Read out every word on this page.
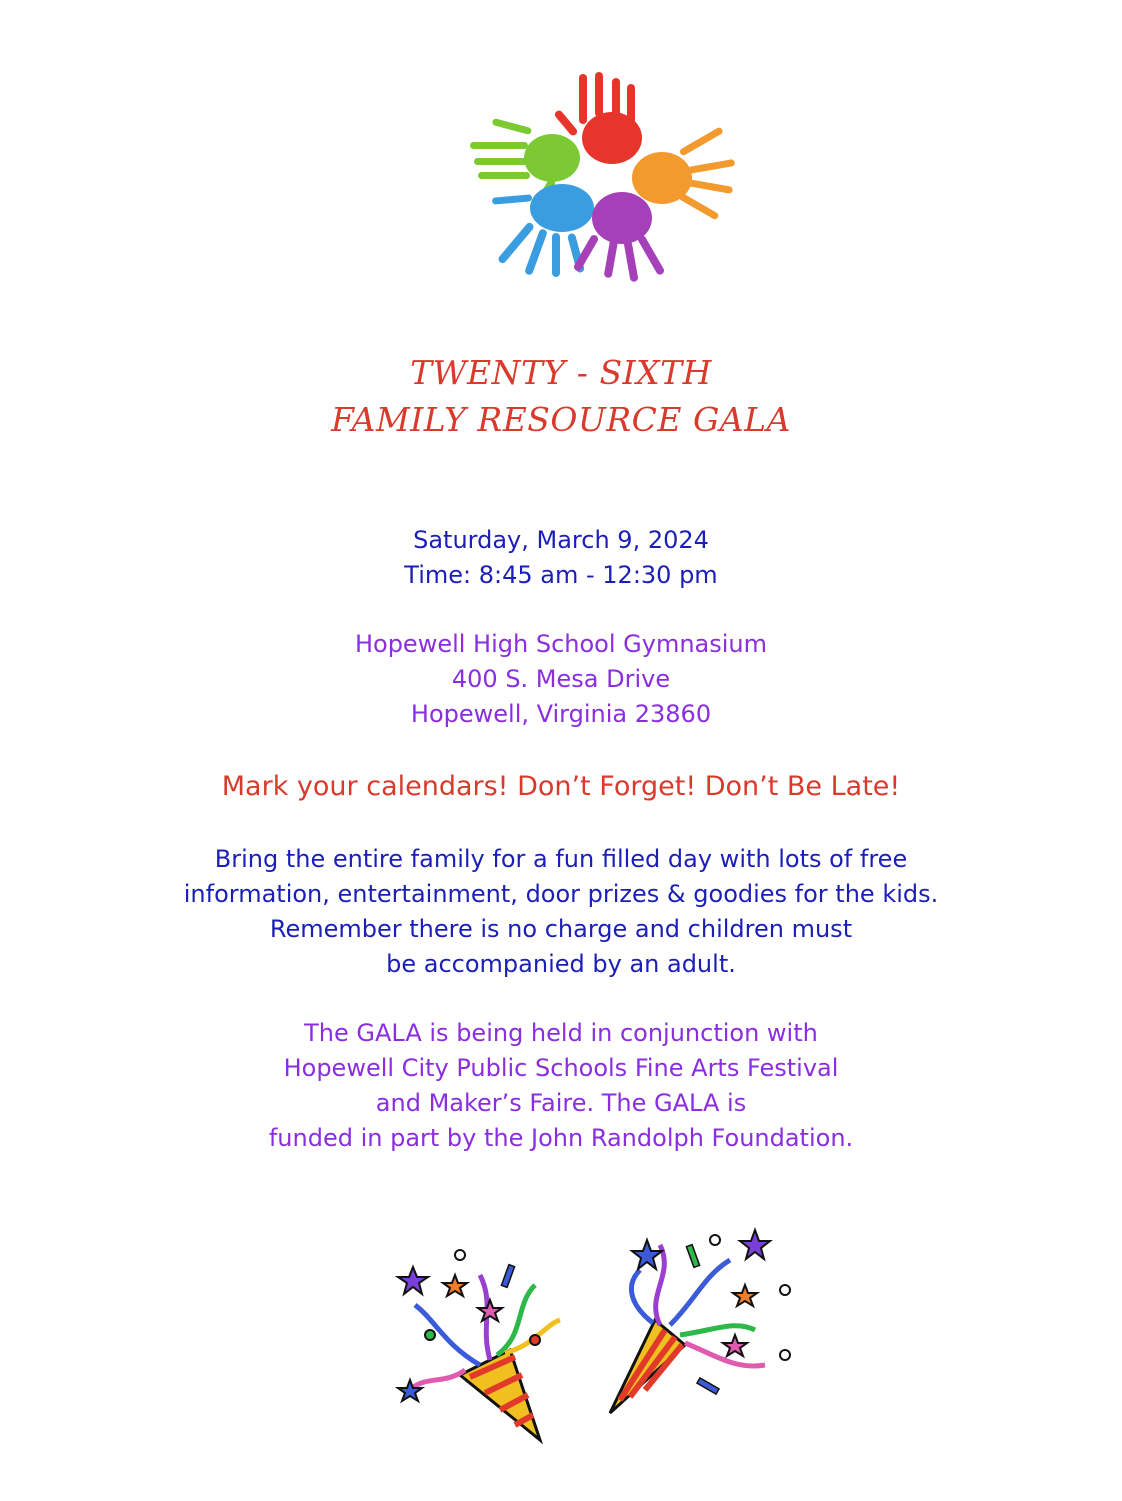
TWENTY - SIXTH
FAMILY RESOURCE GALA
Saturday, March 9, 2024
Time: 8:45 am - 12:30 pm
Hopewell High School Gymnasium
400 S. Mesa Drive
Hopewell, Virginia 23860
Mark your calendars! Don’t Forget! Don’t Be Late!
Bring the entire family for a fun filled day with lots of free
information, entertainment, door prizes & goodies for the kids.
Remember there is no charge and children must
be accompanied by an adult.
The GALA is being held in conjunction with
Hopewell City Public Schools Fine Arts Festival
and Maker’s Faire. The GALA is
funded in part by the John Randolph Foundation.
